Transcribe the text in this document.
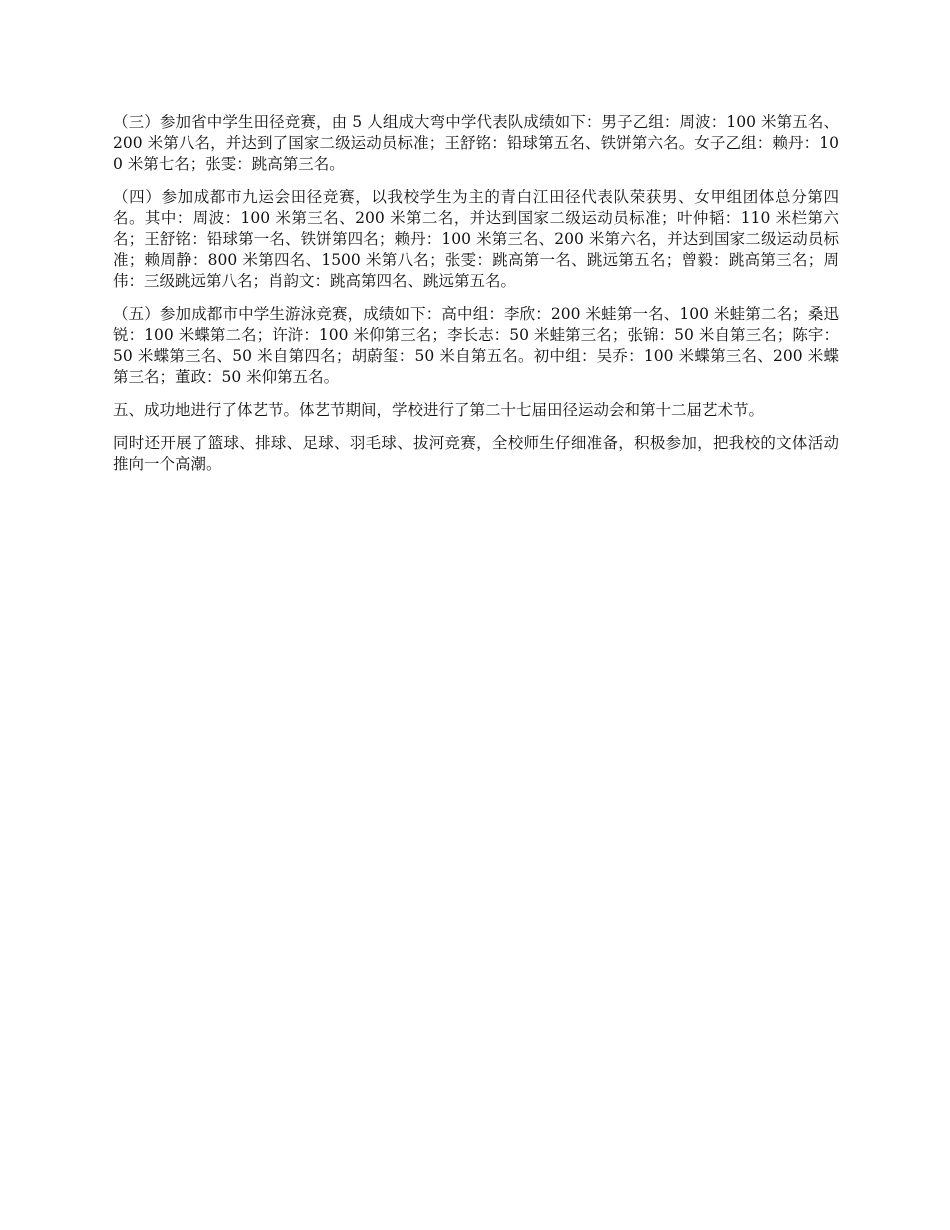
（三）参加省中学生田径竞赛，由 5 人组成大弯中学代表队成绩如下：男子乙组：周波：100 米第五名、200 米第八名，并达到了国家二级运动员标准；王舒铭：铅球第五名、铁饼第六名。女子乙组：赖丹：100 米第七名；张雯：跳高第三名。

（四）参加成都市九运会田径竞赛，以我校学生为主的青白江田径代表队荣获男、女甲组团体总分第四名。其中：周波：100 米第三名、200 米第二名，并达到国家二级运动员标准；叶仲韬：110 米栏第六名；王舒铭：铅球第一名、铁饼第四名；赖丹：100 米第三名、200 米第六名，并达到国家二级运动员标准；赖周静：800 米第四名、1500 米第八名；张雯：跳高第一名、跳远第五名；曾毅：跳高第三名；周伟：三级跳远第八名；肖韵文：跳高第四名、跳远第五名。

（五）参加成都市中学生游泳竞赛，成绩如下：高中组：李欣：200 米蛙第一名、100 米蛙第二名；桑迅锐：100 米蝶第二名；许浒：100 米仰第三名；李长志：50 米蛙第三名；张锦：50 米自第三名；陈宇：50 米蝶第三名、50 米自第四名；胡蔚玺：50 米自第五名。初中组：吴乔：100 米蝶第三名、200 米蝶第三名；董政：50 米仰第五名。

五、成功地进行了体艺节。体艺节期间，学校进行了第二十七届田径运动会和第十二届艺术节。

同时还开展了篮球、排球、足球、羽毛球、拔河竞赛，全校师生仔细准备，积极参加，把我校的文体活动推向一个高潮。
